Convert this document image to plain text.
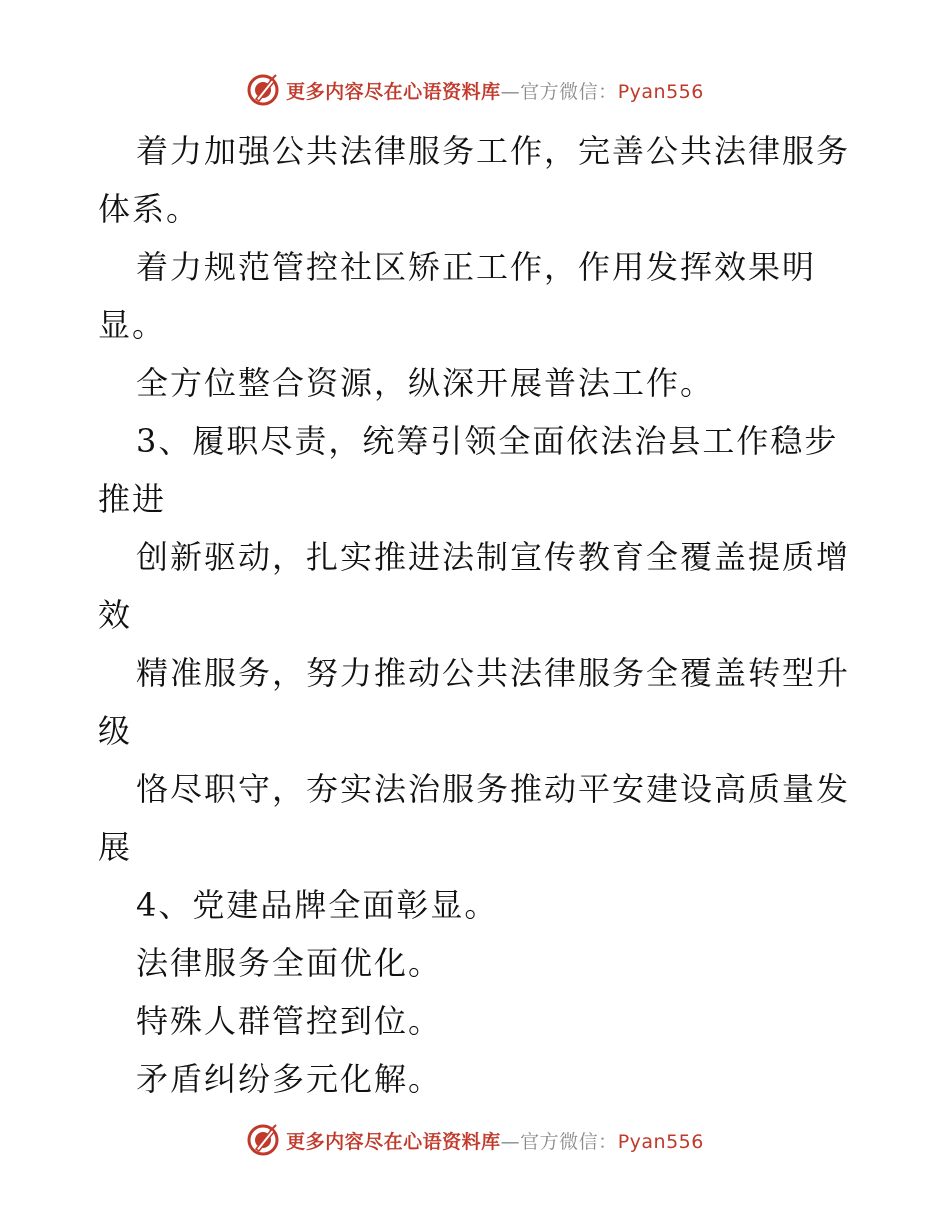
更多内容尽在心语资料库—官方微信：Pyan556

着力加强公共法律服务工作，完善公共法律服务体系。

着力规范管控社区矫正工作，作用发挥效果明显。

全方位整合资源，纵深开展普法工作。

3、履职尽责，统筹引领全面依法治县工作稳步推进

创新驱动，扎实推进法制宣传教育全覆盖提质增效

精准服务，努力推动公共法律服务全覆盖转型升级

恪尽职守，夯实法治服务推动平安建设高质量发展

4、党建品牌全面彰显。

法律服务全面优化。

特殊人群管控到位。

矛盾纠纷多元化解。

更多内容尽在心语资料库—官方微信：Pyan556
